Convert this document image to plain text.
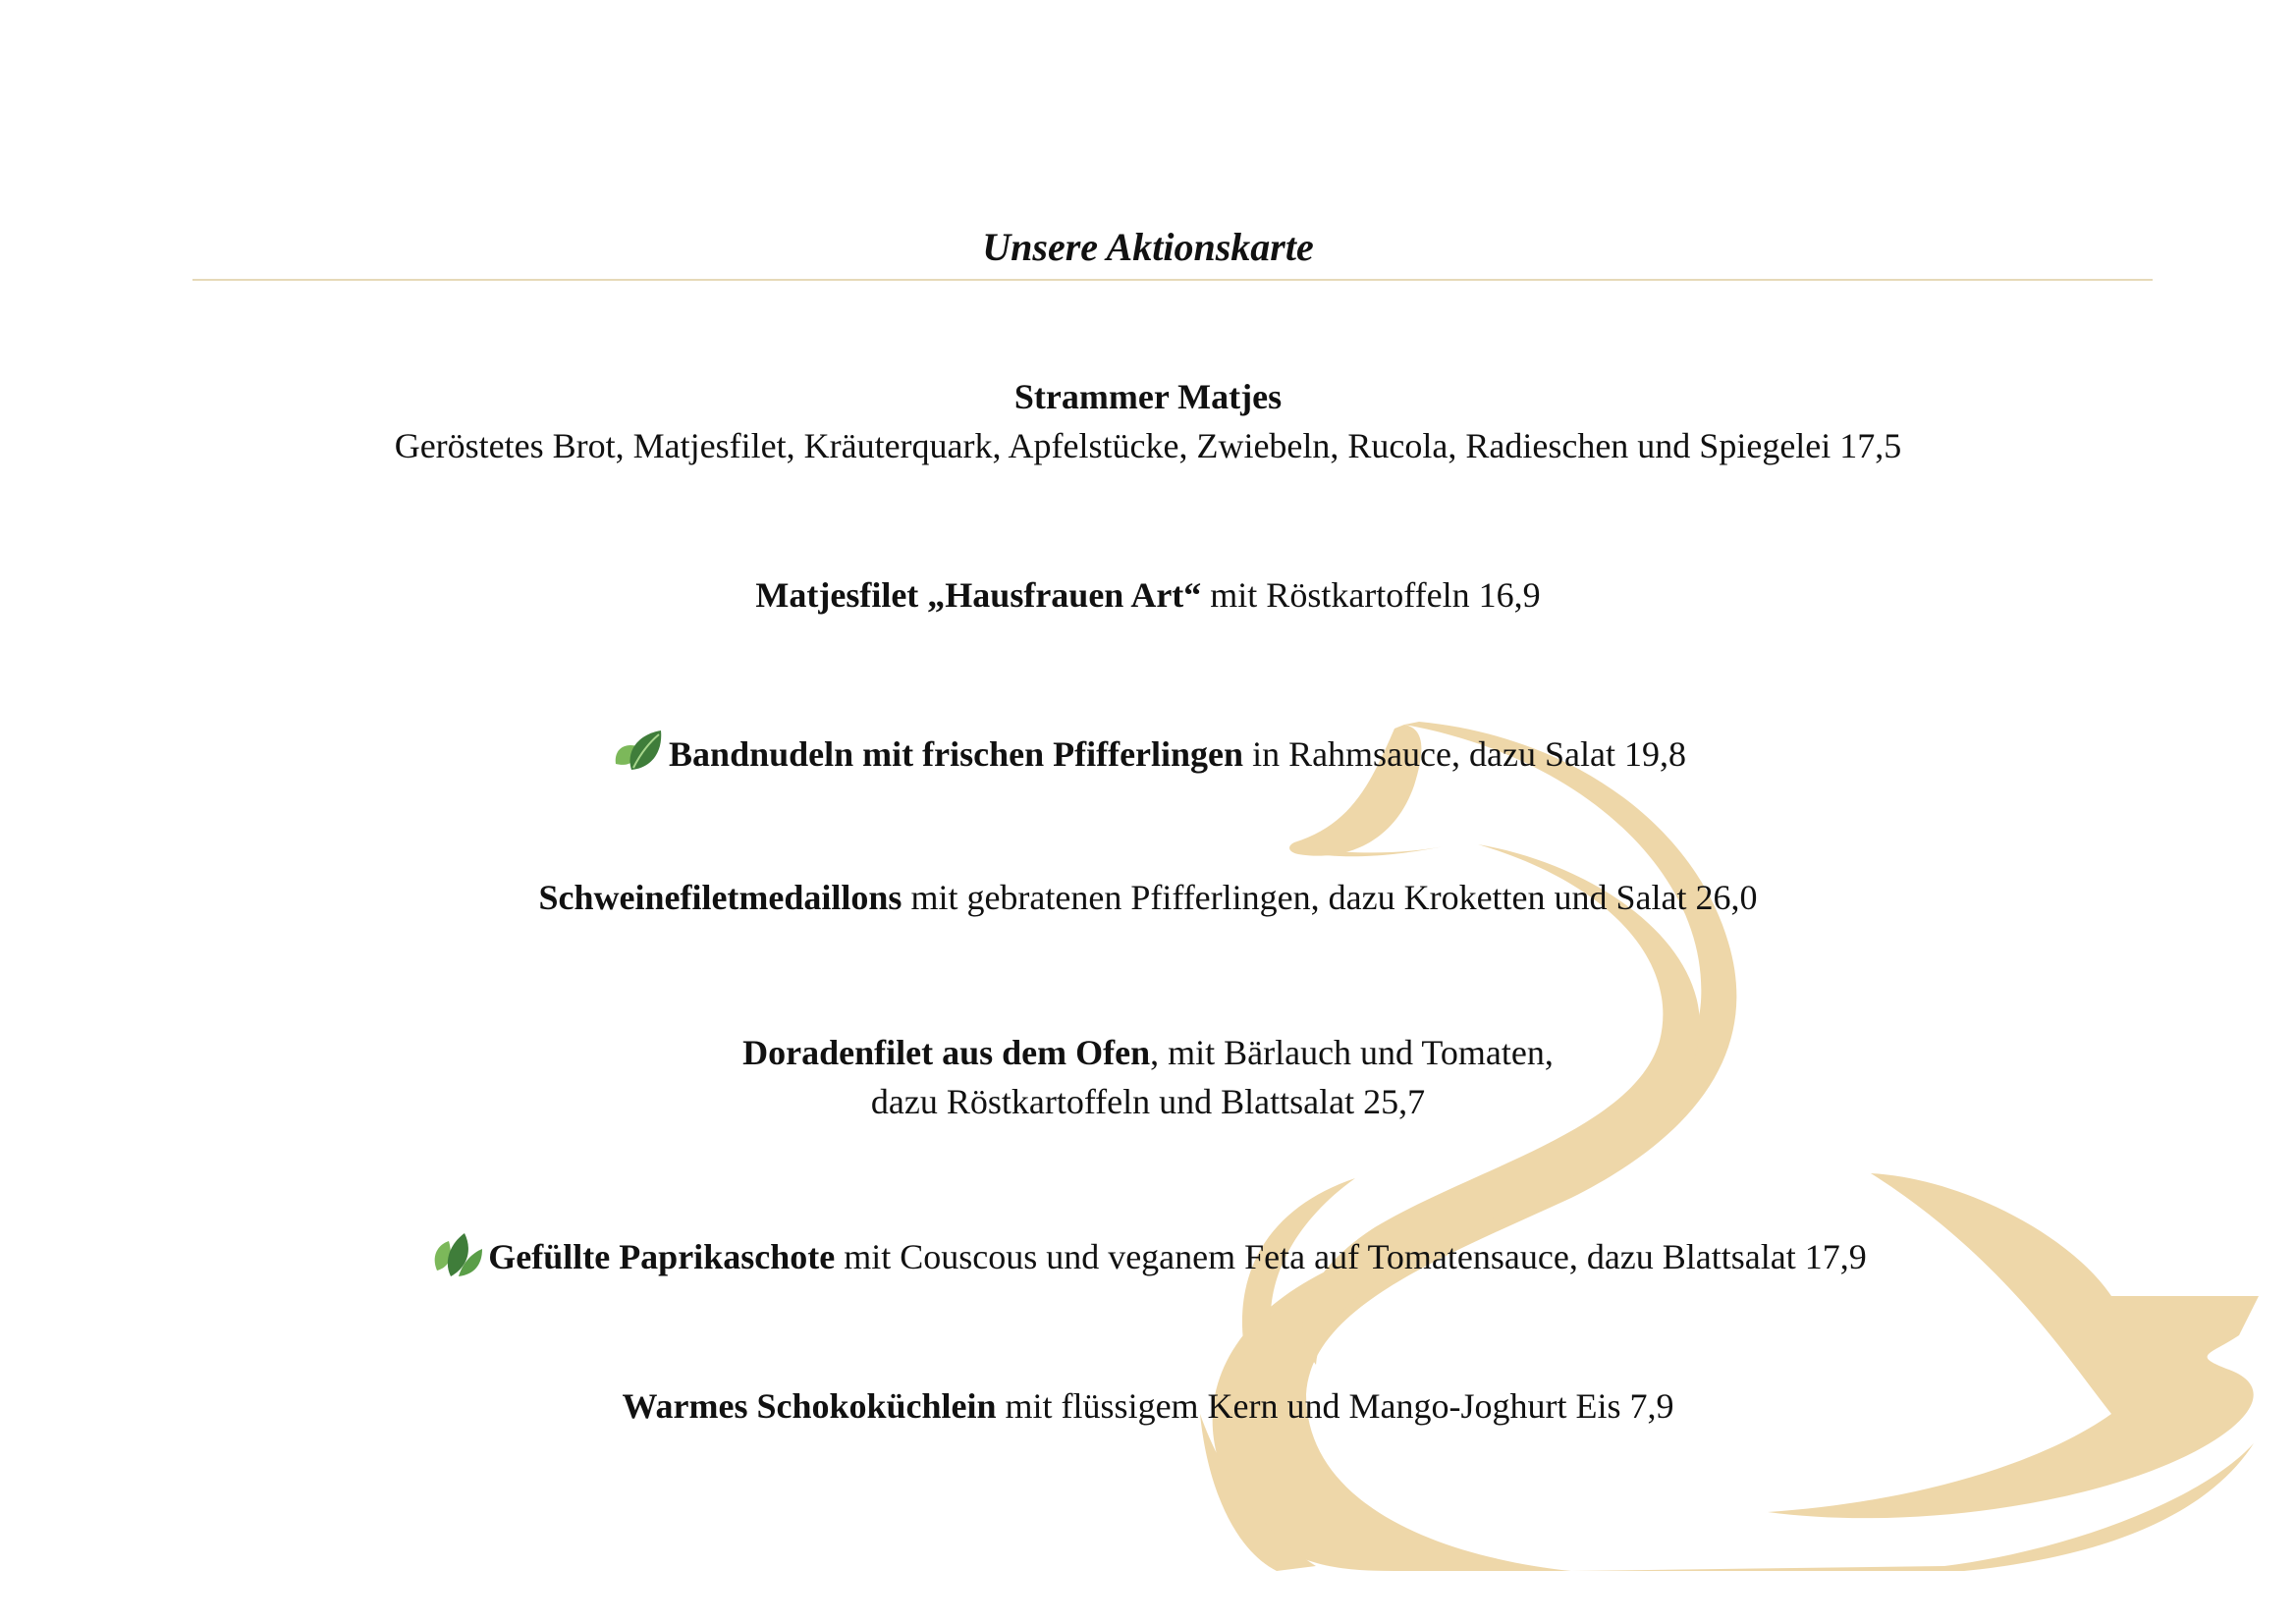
Unsere Aktionskarte
Strammer Matjes
Geröstetes Brot, Matjesfilet, Kräuterquark, Apfelstücke, Zwiebeln, Rucola, Radieschen und Spiegelei 17,5
Matjesfilet „Hausfrauen Art“ mit Röstkartoffeln 16,9
Bandnudeln mit frischen Pfifferlingen in Rahmsauce, dazu Salat 19,8
Schweinefiletmedaillons mit gebratenen Pfifferlingen, dazu Kroketten und Salat 26,0
Doradenfilet aus dem Ofen, mit Bärlauch und Tomaten,
dazu Röstkartoffeln und Blattsalat 25,7
Gefüllte Paprikaschote mit Couscous und veganem Feta auf Tomatensauce, dazu Blattsalat 17,9
Warmes Schokoküchlein mit flüssigem Kern und Mango-Joghurt Eis 7,9
